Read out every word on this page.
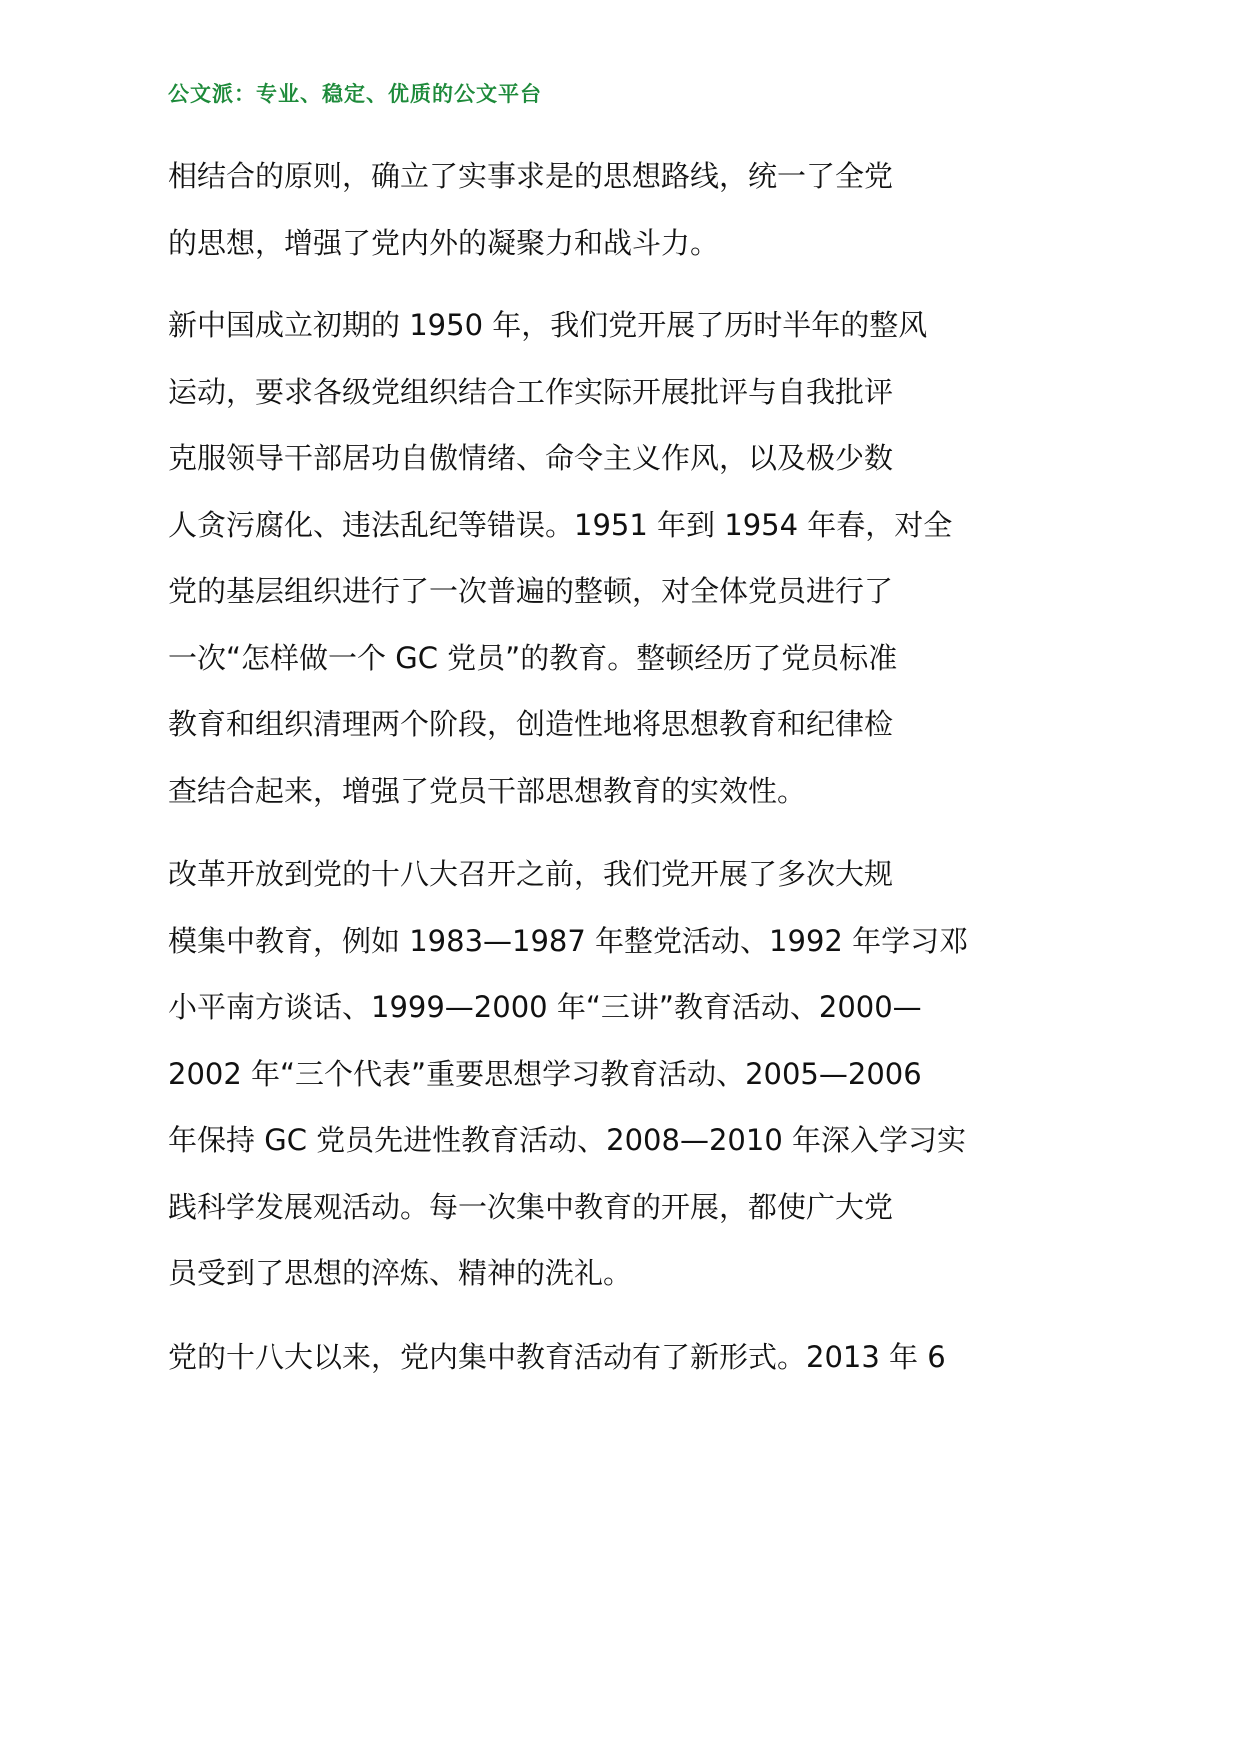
公文派：专业、稳定、优质的公文平台
相结合的原则，确立了实事求是的思想路线，统一了全党
的思想，增强了党内外的凝聚力和战斗力。
新中国成立初期的 1950 年，我们党开展了历时半年的整风
运动，要求各级党组织结合工作实际开展批评与自我批评
克服领导干部居功自傲情绪、命令主义作风，以及极少数
人贪污腐化、违法乱纪等错误。1951 年到 1954 年春，对全
党的基层组织进行了一次普遍的整顿，对全体党员进行了
一次“怎样做一个 GC 党员”的教育。整顿经历了党员标准
教育和组织清理两个阶段，创造性地将思想教育和纪律检
查结合起来，增强了党员干部思想教育的实效性。
改革开放到党的十八大召开之前，我们党开展了多次大规
模集中教育，例如 1983—1987 年整党活动、1992 年学习邓
小平南方谈话、1999—2000 年“三讲”教育活动、2000—
2002 年“三个代表”重要思想学习教育活动、2005—2006
年保持 GC 党员先进性教育活动、2008—2010 年深入学习实
践科学发展观活动。每一次集中教育的开展，都使广大党
员受到了思想的淬炼、精神的洗礼。
党的十八大以来，党内集中教育活动有了新形式。2013 年 6
